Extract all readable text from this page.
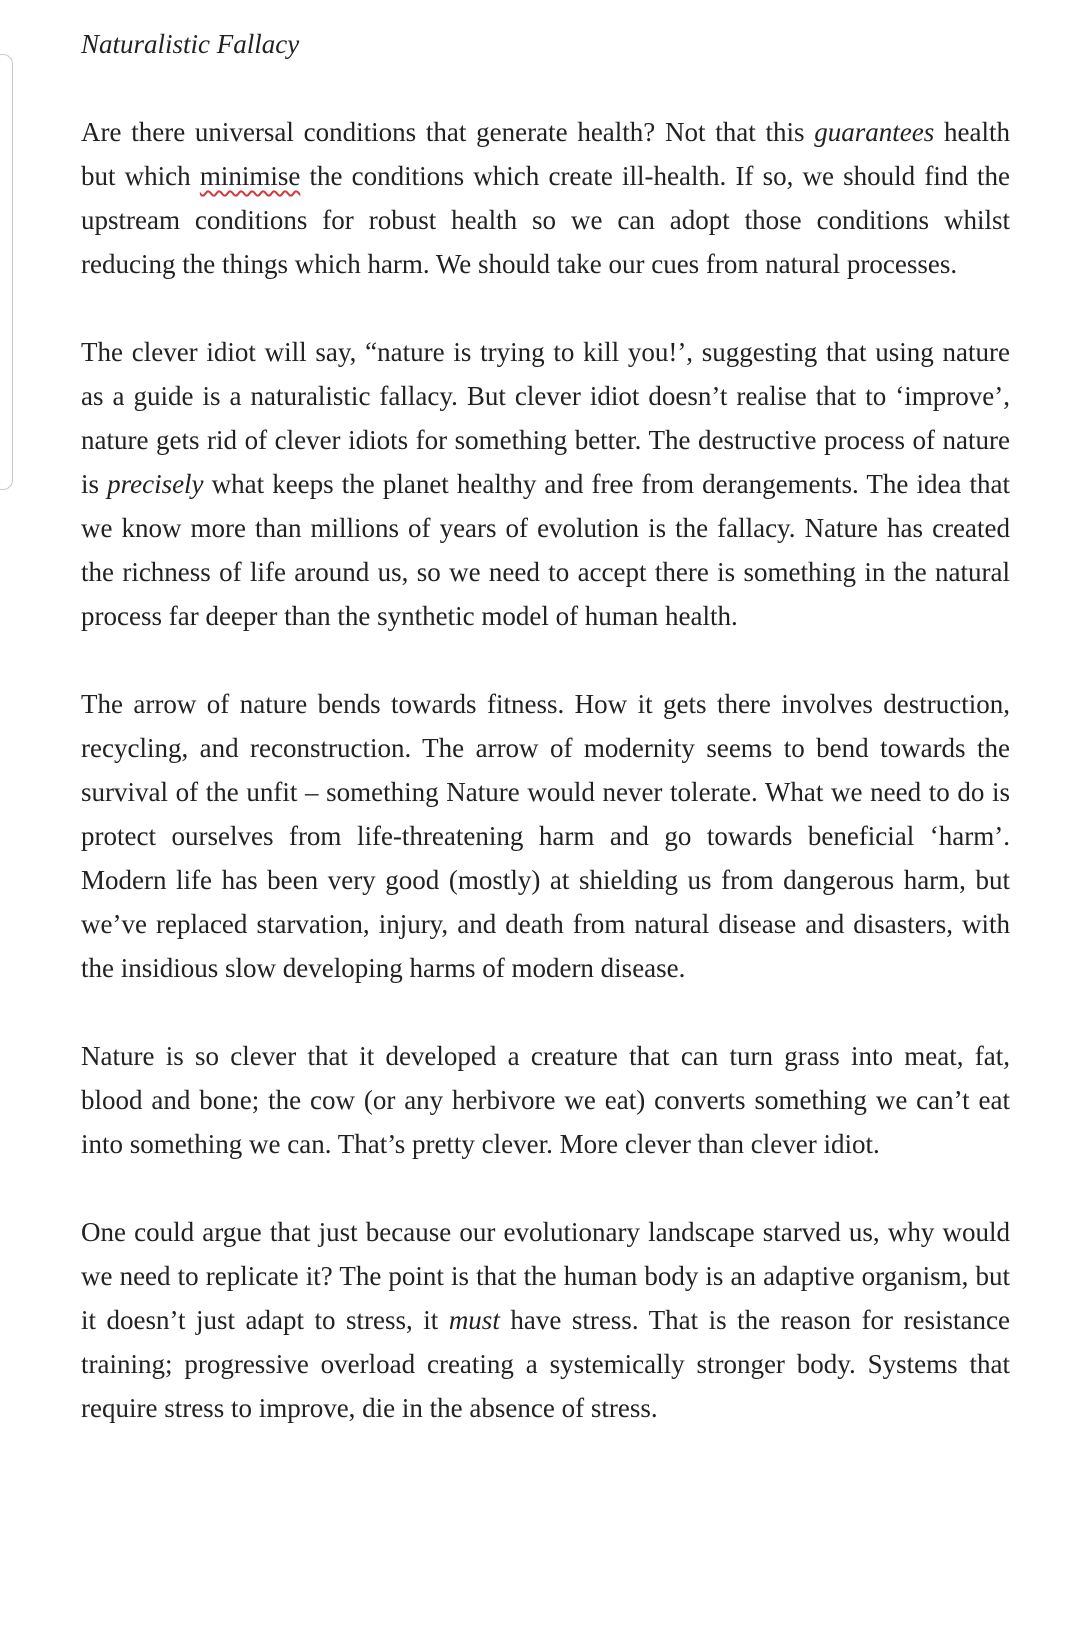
Naturalistic Fallacy

Are there universal conditions that generate health? Not that this guarantees health but which minimise the conditions which create ill-health. If so, we should find the upstream conditions for robust health so we can adopt those conditions whilst reducing the things which harm. We should take our cues from natural processes.

The clever idiot will say, “nature is trying to kill you!’, suggesting that using nature as a guide is a naturalistic fallacy. But clever idiot doesn’t realise that to ‘improve’, nature gets rid of clever idiots for something better. The destructive process of nature is precisely what keeps the planet healthy and free from derangements. The idea that we know more than millions of years of evolution is the fallacy. Nature has created the richness of life around us, so we need to accept there is something in the natural process far deeper than the synthetic model of human health.

The arrow of nature bends towards fitness. How it gets there involves destruction, recycling, and reconstruction. The arrow of modernity seems to bend towards the survival of the unfit – something Nature would never tolerate. What we need to do is protect ourselves from life-threatening harm and go towards beneficial ‘harm’. Modern life has been very good (mostly) at shielding us from dangerous harm, but we’ve replaced starvation, injury, and death from natural disease and disasters, with the insidious slow developing harms of modern disease.

Nature is so clever that it developed a creature that can turn grass into meat, fat, blood and bone; the cow (or any herbivore we eat) converts something we can’t eat into something we can. That’s pretty clever. More clever than clever idiot.

One could argue that just because our evolutionary landscape starved us, why would we need to replicate it? The point is that the human body is an adaptive organism, but it doesn’t just adapt to stress, it must have stress. That is the reason for resistance training; progressive overload creating a systemically stronger body. Systems that require stress to improve, die in the absence of stress.
